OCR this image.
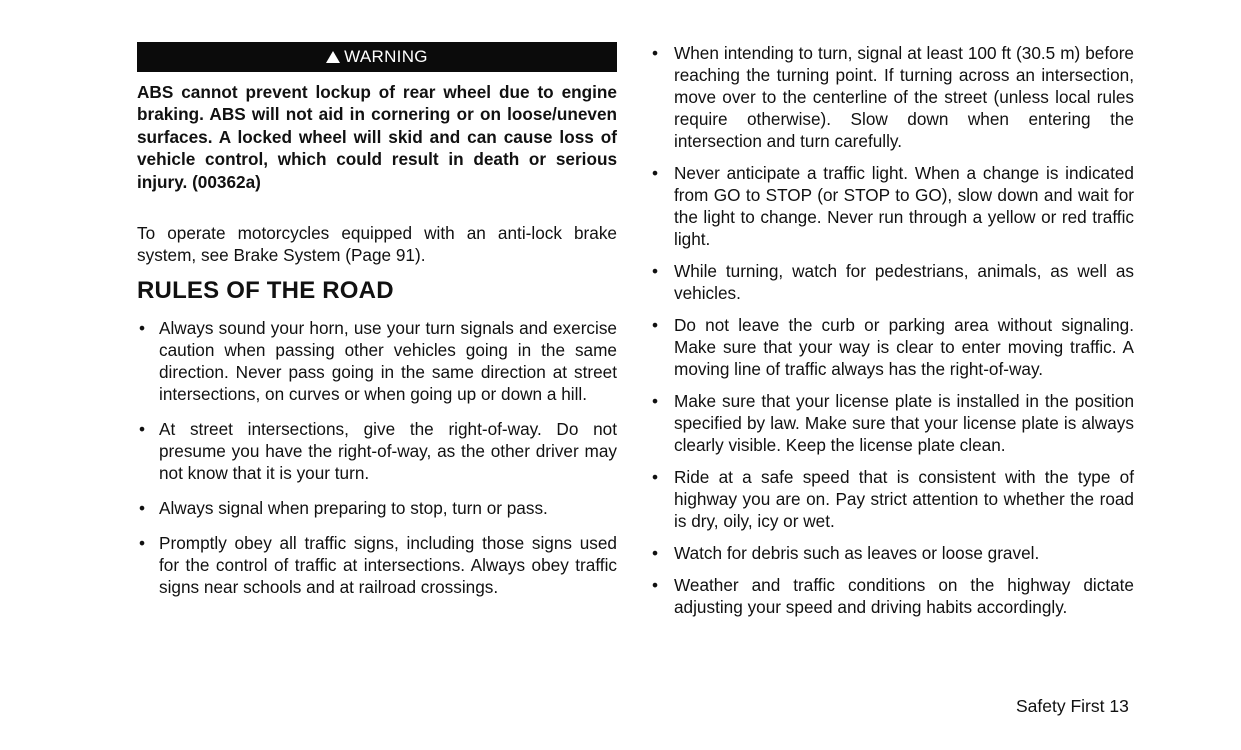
WARNING
ABS cannot prevent lockup of rear wheel due to engine braking. ABS will not aid in cornering or on loose/uneven surfaces. A locked wheel will skid and can cause loss of vehicle control, which could result in death or serious injury. (00362a)
To operate motorcycles equipped with an anti-lock brake system, see Brake System (Page 91).
RULES OF THE ROAD
• Always sound your horn, use your turn signals and exercise caution when passing other vehicles going in the same direction. Never pass going in the same direction at street intersections, on curves or when going up or down a hill.
• At street intersections, give the right-of-way. Do not presume you have the right-of-way, as the other driver may not know that it is your turn.
• Always signal when preparing to stop, turn or pass.
• Promptly obey all traffic signs, including those signs used for the control of traffic at intersections. Always obey traffic signs near schools and at railroad crossings.
• When intending to turn, signal at least 100 ft (30.5 m) before reaching the turning point. If turning across an intersection, move over to the centerline of the street (unless local rules require otherwise). Slow down when entering the intersection and turn carefully.
• Never anticipate a traffic light. When a change is indicated from GO to STOP (or STOP to GO), slow down and wait for the light to change. Never run through a yellow or red traffic light.
• While turning, watch for pedestrians, animals, as well as vehicles.
• Do not leave the curb or parking area without signaling. Make sure that your way is clear to enter moving traffic. A moving line of traffic always has the right-of-way.
• Make sure that your license plate is installed in the position specified by law. Make sure that your license plate is always clearly visible. Keep the license plate clean.
• Ride at a safe speed that is consistent with the type of highway you are on. Pay strict attention to whether the road is dry, oily, icy or wet.
• Watch for debris such as leaves or loose gravel.
• Weather and traffic conditions on the highway dictate adjusting your speed and driving habits accordingly.
Safety First 13
